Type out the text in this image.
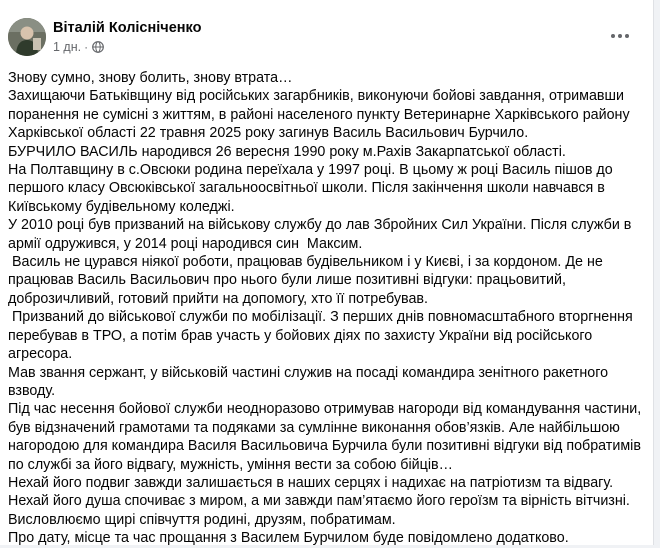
Віталій Колісніченко
1 дн. ·

Знову сумно, знову болить, знову втрата…

Захищаючи Батьківщину від російських загарбників, виконуючи бойові завдання, отримавши поранення не сумісні з життям, в районі населеного пункту Ветеринарне Харківського району Харківської області 22 травня 2025 року загинув Василь Васильович Бурчило.

БУРЧИЛО ВАСИЛЬ народився 26 вересня 1990 року м.Рахів Закарпатської області.

На Полтавщину в с.Овсюки родина переїхала у 1997 році. В цьому ж році Василь пішов до першого класу Овсюківської загальноосвітньої школи. Після закінчення школи навчався в Київському будівельному коледжі.

У 2010 році був призваний на військову службу до лав Збройних Сил України. Після служби в армії одружився, у 2014 році народився син  Максим.

Василь не цурався ніякої роботи, працював будівельником і у Києві, і за кордоном. Де не працював Василь Васильович про нього були лише позитивні відгуки: працьовитий, доброзичливий, готовий прийти на допомогу, хто її потребував.

Призваний до військової служби по мобілізації. З перших днів повномасштабного вторгнення перебував в ТРО, а потім брав участь у бойових діях по захисту України від російського агресора.

Мав звання сержант, у військовій частині служив на посаді командира зенітного ракетного взводу.

Під час несення бойової служби неодноразово отримував нагороди від командування частини, був відзначений грамотами та подяками за сумлінне виконання обов’язків. Але найбільшою нагородою для командира Василя Васильовича Бурчила були позитивні відгуки від побратимів по службі за його відвагу, мужність, уміння вести за собою бійців…

Нехай його подвиг завжди залишається в наших серцях і надихає на патріотизм та відвагу. Нехай його душа спочиває з миром, а ми завжди пам’ятаємо його героїзм та вірність вітчизні.

Висловлюємо щирі співчуття родині, друзям, побратимам.

Про дату, місце та час прощання з Василем Бурчилом буде повідомлено додатково.
